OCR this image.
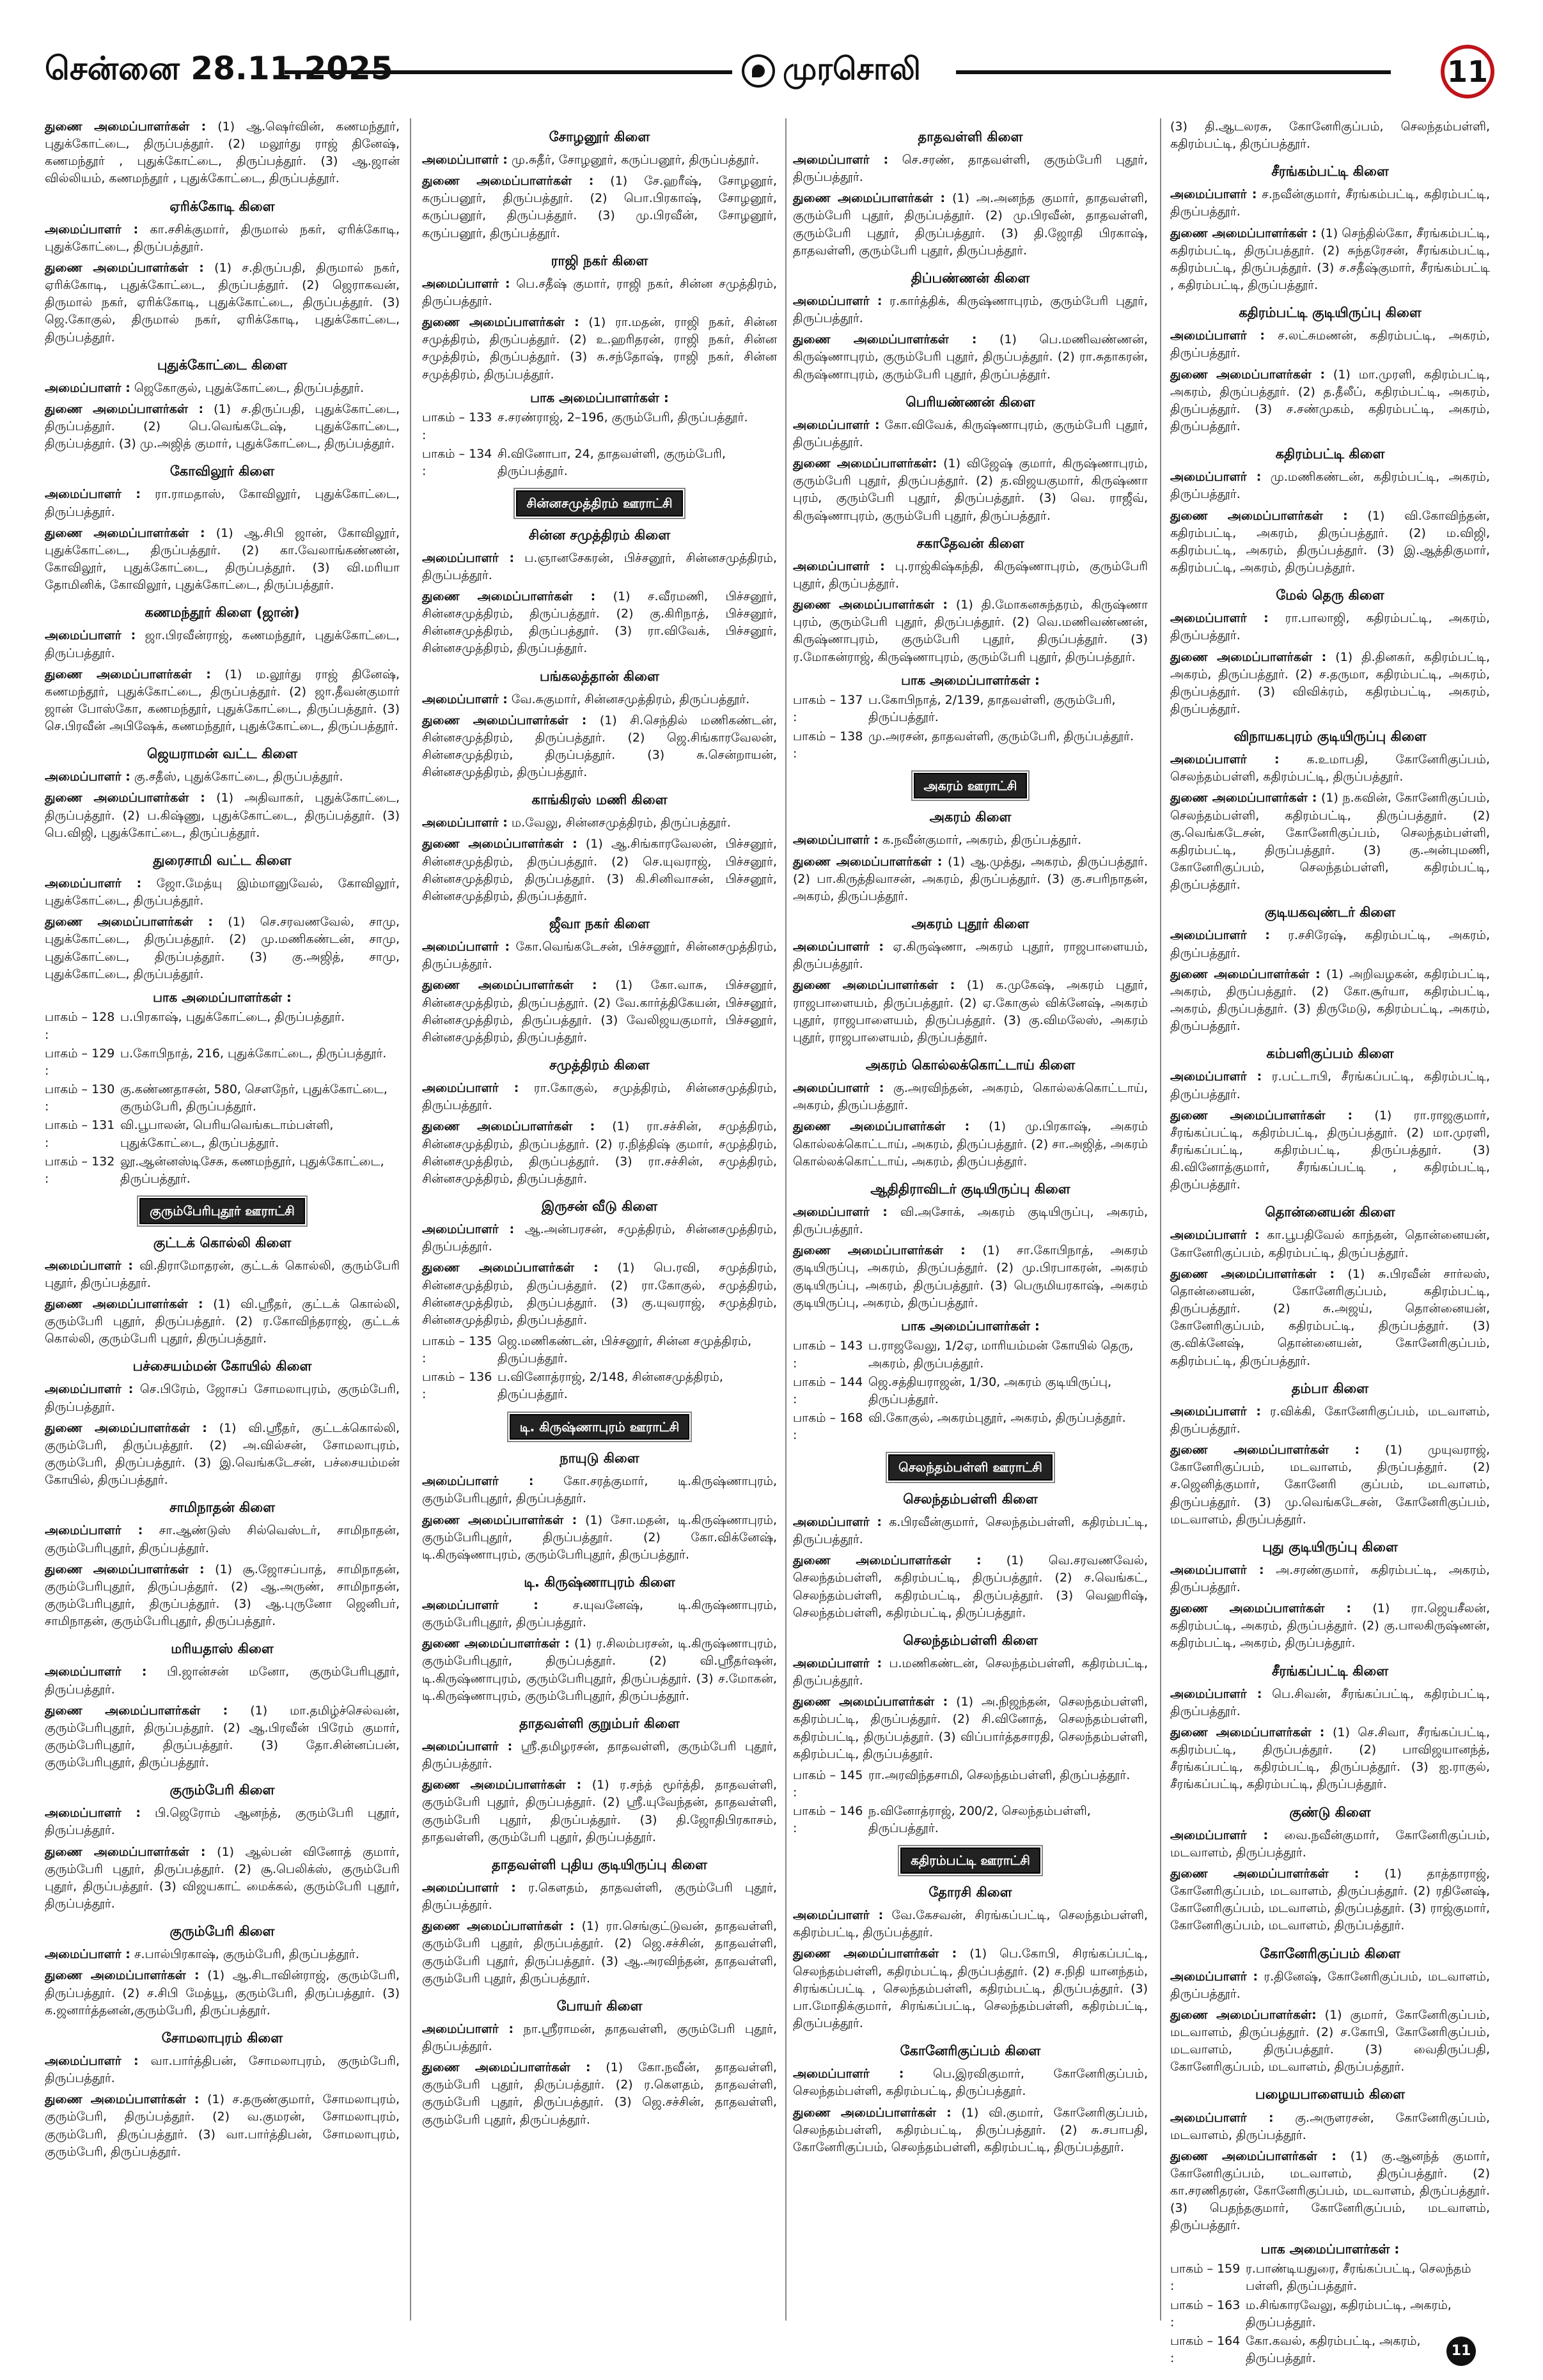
சென்னை 28.11.2025	முரசொலி	11

துணை அமைப்பாளர்கள் : (1) ஆ.ஷெர்வின், கணமந்தூர், புதுக்கோட்டை, திருப்பத்தூர். (2) மலூர்து ராஜ் தினேஷ், கணமந்தூர் , புதுக்கோட்டை, திருப்பத்தூர். (3) ஆ.ஜான் வில்லியம், கணமந்தூர் , புதுக்கோட்டை, திருப்பத்தூர்.

ஏரிக்கோடி கிளை

அமைப்பாளர் : கா.சசிக்குமார், திருமால் நகர், ஏரிக்கோடி, புதுக்கோட்டை, திருப்பத்தூர்.

துணை அமைப்பாளர்கள் : (1) ச.திருப்பதி, திருமால் நகர், ஏரிக்கோடி, புதுக்கோட்டை, திருப்பத்தூர். (2) ஜெராகவன், திருமால் நகர், ஏரிக்கோடி, புதுக்கோட்டை, திருப்பத்தூர். (3) ஜெ.கோகுல், திருமால் நகர், ஏரிக்கோடி, புதுக்கோட்டை, திருப்பத்தூர்.

புதுக்கோட்டை கிளை

அமைப்பாளர் : ஜெகோகுல், புதுக்கோட்டை, திருப்பத்தூர்.

துணை அமைப்பாளர்கள் : (1) ச.திருப்பதி, புதுக்கோட்டை, திருப்பத்தூர். (2) பெ.வெங்கடேஷ், புதுக்கோட்டை, திருப்பத்தூர். (3) மு.அஜித் குமார், புதுக்கோட்டை, திருப்பத்தூர்.

கோவிலூர் கிளை

அமைப்பாளர் : ரா.ராமதாஸ், கோவிலூர், புதுக்கோட்டை, திருப்பத்தூர்.

துணை அமைப்பாளர்கள் : (1) ஆ.சிபி ஜான், கோவிலூர், புதுக்கோட்டை, திருப்பத்தூர். (2) கா.வேலாங்கண்ணன், கோவிலூர், புதுக்கோட்டை, திருப்பத்தூர். (3) வி.மரியா தோமினிக், கோவிலூர், புதுக்கோட்டை, திருப்பத்தூர்.

கணமந்தூர் கிளை (ஜான்)

அமைப்பாளர் : ஜா.பிரவீன்ராஜ், கணமந்தூர், புதுக்கோட்டை, திருப்பத்தூர்.

துணை அமைப்பாளர்கள் : (1) ம.லூர்து ராஜ் தினேஷ், கணமந்தூர், புதுக்கோட்டை, திருப்பத்தூர். (2) ஜா.தீவன்குமார் ஜான் போஸ்கோ, கணமந்தூர், புதுக்கோட்டை, திருப்பத்தூர். (3) செ.பிரவீன் அபிஷேக், கணமந்தூர், புதுக்கோட்டை, திருப்பத்தூர்.

ஜெயராமன் வட்ட கிளை

அமைப்பாளர் : கு.சதீஸ், புதுக்கோட்டை, திருப்பத்தூர்.

துணை அமைப்பாளர்கள் : (1) அதிவாகர், புதுக்கோட்டை, திருப்பத்தூர். (2) ப.கிஷ்ணு, புதுக்கோட்டை, திருப்பத்தூர். (3) பெ.விஜி, புதுக்கோட்டை, திருப்பத்தூர்.

துரைசாமி வட்ட கிளை

அமைப்பாளர் : ஜோ.மேத்யு இம்மானுவேல், கோவிலூர், புதுக்கோட்டை, திருப்பத்தூர்.

துணை அமைப்பாளர்கள் : (1) செ.சரவணவேல், சாமு, புதுக்கோட்டை, திருப்பத்தூர். (2) மு.மணிகண்டன், சாமு, புதுக்கோட்டை, திருப்பத்தூர். (3) கு.அஜித், சாமு, புதுக்கோட்டை, திருப்பத்தூர்.

பாக அமைப்பாளர்கள் :
பாகம் – 128 :
ப.பிரகாஷ், புதுக்கோட்டை, திருப்பத்தூர்.
பாகம் – 129 :
ப.கோபிநாத், 216, புதுக்கோட்டை, திருப்பத்தூர்.
பாகம் – 130 :
கு.கண்ணதாசன், 580, செளநேர், புதுக்கோட்டை, குரும்பேரி, திருப்பத்தூர்.
பாகம் – 131 :
வி.பூபாலன், பெரியவெங்கடாம்பள்ளி, புதுக்கோட்டை, திருப்பத்தூர்.
பாகம் – 132 :
லூ.ஆன்னஸ்டிசேசு, கணமந்தூர், புதுக்கோட்டை, திருப்பத்தூர்.
குரும்பேரிபுதூர் ஊராட்சி
குட்டக் கொல்லி கிளை

அமைப்பாளர் : வி.திராமோதரன், குட்டக் கொல்லி, குரும்பேரி புதூர், திருப்பத்தூர்.

துணை அமைப்பாளர்கள் : (1) வி.ஸ்ரீதர், குட்டக் கொல்லி, குரும்பேரி புதூர், திருப்பத்தூர். (2) ர.கோவிந்தராஜ், குட்டக் கொல்லி, குரும்பேரி புதூர், திருப்பத்தூர்.

பச்சையம்மன் கோயில் கிளை

அமைப்பாளர் : செ.பிரேம், ஜோசப் சோமலாபுரம், குரும்பேரி, திருப்பத்தூர்.

துணை அமைப்பாளர்கள் : (1) வி.ஸ்ரீதர், குட்டக்கொல்லி, குரும்பேரி, திருப்பத்தூர். (2) அ.வில்சன், சோமலாபுரம், குரும்பேரி, திருப்பத்தூர். (3) இ.வெங்கடேசன், பச்சையம்மன் கோயில், திருப்பத்தூர்.

சாமிநாதன் கிளை

அமைப்பாளர் : சா.ஆண்டுஸ் சில்வெஸ்டர், சாமிநாதன், குரும்பேரிபுதூர், திருப்பத்தூர்.

துணை அமைப்பாளர்கள் : (1) சூ.ஜோசப்பாத், சாமிநாதன், குரும்பேரிபுதூர், திருப்பத்தூர். (2) ஆ.அருண், சாமிநாதன், குரும்பேரிபுதூர், திருப்பத்தூர். (3) ஆ.புருனோ ஜெனிபர், சாமிநாதன், குரும்பேரிபுதூர், திருப்பத்தூர்.

மரியதாஸ் கிளை

அமைப்பாளர் : பி.ஜான்சன் மனோ, குரும்பேரிபுதூர், திருப்பத்தூர்.

துணை அமைப்பாளர்கள் : (1) மா.தமிழ்ச்செல்வன், குரும்பேரிபுதூர், திருப்பத்தூர். (2) ஆ.பிரவீன் பிரேம் குமார், குரும்பேரிபுதூர், திருப்பத்தூர். (3) தோ.சின்னப்பன், குரும்பேரிபுதூர், திருப்பத்தூர்.

குரும்பேரி கிளை

அமைப்பாளர் : பி.ஜெரோம் ஆனந்த், குரும்பேரி புதூர், திருப்பத்தூர்.

துணை அமைப்பாளர்கள் : (1) ஆல்பன் வினோத் குமார், குரும்பேரி புதூர், திருப்பத்தூர். (2) சூ.பெலிக்ஸ், குரும்பேரி புதூர், திருப்பத்தூர். (3) விஜயகாட் மைக்கல், குரும்பேரி புதூர், திருப்பத்தூர்.

குரும்பேரி கிளை

அமைப்பாளர் : ச.பால்பிரகாஷ், குரும்பேரி, திருப்பத்தூர்.

துணை அமைப்பாளர்கள் : (1) ஆ.சிடாவின்ராஜ், குரும்பேரி, திருப்பத்தூர். (2) ச.சிபி மேத்யூ, குரும்பேரி, திருப்பத்தூர். (3) க.ஜனார்த்தனன்,குரும்பேரி, திருப்பத்தூர்.

சோமலாபுரம் கிளை

அமைப்பாளர் : வா.பார்த்திபன், சோமலாபுரம், குரும்பேரி, திருப்பத்தூர்.

துணை அமைப்பாளர்கள் : (1) ச.தருண்குமார், சோமலாபுரம், குரும்பேரி, திருப்பத்தூர். (2) வ.குமரன், சோமலாபுரம், குரும்பேரி, திருப்பத்தூர். (3) வா.பார்த்திபன், சோமலாபுரம், குரும்பேரி, திருப்பத்தூர்.

சோழனூர் கிளை

அமைப்பாளர் : மு.சுதீர், சோழனூர், கருப்பனூர், திருப்பத்தூர்.

துணை அமைப்பாளர்கள் : (1) சே.ஹரீஷ், சோழனூர், கருப்பனூர், திருப்பத்தூர். (2) பொ.பிரகாஷ், சோழனூர், கருப்பனூர், திருப்பத்தூர். (3) மு.பிரவீன், சோழனூர், கருப்பனூர், திருப்பத்தூர்.

ராஜி நகர் கிளை

அமைப்பாளர் : பெ.சதீஷ் குமார், ராஜி நகர், சின்ன சமுத்திரம், திருப்பத்தூர்.

துணை அமைப்பாளர்கள் : (1) ரா.மதன், ராஜி நகர், சின்ன சமுத்திரம், திருப்பத்தூர். (2) உ.ஹரிதரன், ராஜி நகர், சின்ன சமுத்திரம், திருப்பத்தூர். (3) சு.சந்தோஷ், ராஜி நகர், சின்ன சமுத்திரம், திருப்பத்தூர்.

பாக அமைப்பாளர்கள் :
பாகம் – 133 :
ச.சரண்ராஜ், 2–196, குரும்பேரி, திருப்பத்தூர்.
பாகம் – 134 :
சி.வினோபா, 24, தாதவள்ளி, குரும்பேரி, திருப்பத்தூர்.
சின்னசமுத்திரம் ஊராட்சி
சின்ன சமுத்திரம் கிளை

அமைப்பாளர் : ப.ஞானசேகரன், பிச்சனூர், சின்னசமுத்திரம், திருப்பத்தூர்.

துணை அமைப்பாளர்கள் : (1) ச.வீரமணி, பிச்சனூர், சின்னசமுத்திரம், திருப்பத்தூர். (2) கு.கிரிநாத், பிச்சனூர், சின்னசமுத்திரம், திருப்பத்தூர். (3) ரா.விவேக், பிச்சனூர், சின்னசமுத்திரம், திருப்பத்தூர்.

பங்கலத்தான் கிளை

அமைப்பாளர் : வே.சுகுமார், சின்னசமுத்திரம், திருப்பத்தூர்.

துணை அமைப்பாளர்கள் : (1) சி.செந்தில் மணிகண்டன், சின்னசமுத்திரம், திருப்பத்தூர். (2) ஜெ.சிங்காரவேலன், சின்னசமுத்திரம், திருப்பத்தூர். (3) சு.சென்றாயன், சின்னசமுத்திரம், திருப்பத்தூர்.

காங்கிரஸ் மணி கிளை

அமைப்பாளர் : ம.வேலு, சின்னசமுத்திரம், திருப்பத்தூர்.

துணை அமைப்பாளர்கள் : (1) ஆ.சிங்காரவேலன், பிச்சனூர், சின்னசமுத்திரம், திருப்பத்தூர். (2) செ.யுவராஜ், பிச்சனூர், சின்னசமுத்திரம், திருப்பத்தூர். (3) கி.சினிவாசன், பிச்சனூர், சின்னசமுத்திரம், திருப்பத்தூர்.

ஜீவா நகர் கிளை

அமைப்பாளர் : கோ.வெங்கடேசன், பிச்சனூர், சின்னசமுத்திரம், திருப்பத்தூர்.

துணை அமைப்பாளர்கள் : (1) கோ.வாசு, பிச்சனூர், சின்னசமுத்திரம், திருப்பத்தூர். (2) வே.கார்த்திகேயன், பிச்சனூர், சின்னசமுத்திரம், திருப்பத்தூர். (3) வேலிஜயகுமார், பிச்சனூர், சின்னசமுத்திரம், திருப்பத்தூர்.

சமுத்திரம் கிளை

அமைப்பாளர் : ரா.கோகுல், சமுத்திரம், சின்னசமுத்திரம், திருப்பத்தூர்.

துணை அமைப்பாளர்கள் : (1) ரா.சச்சின், சமுத்திரம், சின்னசமுத்திரம், திருப்பத்தூர். (2) ர.நித்திஷ் குமார், சமுத்திரம், சின்னசமுத்திரம், திருப்பத்தூர். (3) ரா.சச்சின், சமுத்திரம், சின்னசமுத்திரம், திருப்பத்தூர்.

இருசன் வீடு கிளை

அமைப்பாளர் : ஆ.அன்பரசன், சமுத்திரம், சின்னசமுத்திரம், திருப்பத்தூர்.

துணை அமைப்பாளர்கள் : (1) பெ.ரவி, சமுத்திரம், சின்னசமுத்திரம், திருப்பத்தூர். (2) ரா.கோகுல், சமுத்திரம், சின்னசமுத்திரம், திருப்பத்தூர். (3) கு.யுவராஜ், சமுத்திரம், சின்னசமுத்திரம், திருப்பத்தூர்.

பாகம் – 135 :
ஜெ.மணிகண்டன், பிச்சனூர், சின்ன சமுத்திரம், திருப்பத்தூர்.
பாகம் – 136 :
ப.வினோத்ராஜ், 2/148, சின்னசமுத்திரம், திருப்பத்தூர்.
டி. கிருஷ்ணாபுரம் ஊராட்சி
நாயுடு கிளை

அமைப்பாளர் : கோ.சரத்குமார், டி.கிருஷ்ணாபுரம், குரும்பேரிபுதூர், திருப்பத்தூர்.

துணை அமைப்பாளர்கள் : (1) சோ.மதன், டி.கிருஷ்ணாபுரம், குரும்பேரிபுதூர், திருப்பத்தூர். (2) கோ.விக்னேஷ், டி.கிருஷ்ணாபுரம், குரும்பேரிபுதூர், திருப்பத்தூர்.

டி. கிருஷ்ணாபுரம் கிளை

அமைப்பாளர் :	ச.யுவனேஷ், டி.கிருஷ்ணாபுரம், குரும்பேரிபுதூர், திருப்பத்தூர்.

துணை அமைப்பாளர்கள் : (1) ர.சிலம்பரசன், டி.கிருஷ்ணாபுரம், குரும்பேரிபுதூர், திருப்பத்தூர். (2) வி.ஸ்ரீதர்ஷன், டி.கிருஷ்ணாபுரம், குரும்பேரிபுதூர், திருப்பத்தூர். (3) ச.மோகன், டி.கிருஷ்ணாபுரம், குரும்பேரிபுதூர், திருப்பத்தூர்.

தாதவள்ளி குறும்பர் கிளை

அமைப்பாளர் : ஸ்ரீ.தமிழரசன், தாதவள்ளி, குரும்பேரி புதூர், திருப்பத்தூர்.

துணை அமைப்பாளர்கள் : (1) ர.சந்த் மூர்த்தி, தாதவள்ளி, குரும்பேரி புதூர், திருப்பத்தூர். (2) ஸ்ரீ.யுவேந்தன், தாதவள்ளி, குரும்பேரி புதூர், திருப்பத்தூர். (3) தி.ஜோதிபிரகாசம், தாதவள்ளி, குரும்பேரி புதூர், திருப்பத்தூர்.

தாதவள்ளி புதிய குடியிருப்பு கிளை

அமைப்பாளர் : ர.கௌதம், தாதவள்ளி, குரும்பேரி புதூர், திருப்பத்தூர்.

துணை அமைப்பாளர்கள் : (1) ரா.செங்குட்டுவன், தாதவள்ளி, குரும்பேரி புதூர், திருப்பத்தூர். (2) ஜெ.சச்சின், தாதவள்ளி, குரும்பேரி புதூர், திருப்பத்தூர். (3) ஆ.அரவிந்தன், தாதவள்ளி, குரும்பேரி புதூர், திருப்பத்தூர்.

போயர் கிளை

அமைப்பாளர் : நா.ஸ்ரீராமன், தாதவள்ளி, குரும்பேரி புதூர், திருப்பத்தூர்.

துணை அமைப்பாளர்கள் : (1) கோ.நவீன், தாதவள்ளி, குரும்பேரி புதூர், திருப்பத்தூர். (2) ர.கௌதம், தாதவள்ளி, குரும்பேரி புதூர், திருப்பத்தூர். (3) ஜெ.சச்சின், தாதவள்ளி, குரும்பேரி புதூர், திருப்பத்தூர்.

தாதவள்ளி கிளை

அமைப்பாளர் : செ.சரண், தாதவள்ளி, குரும்பேரி புதூர், திருப்பத்தூர்.

துணை அமைப்பாளர்கள் : (1) அ.அனந்த குமார், தாதவள்ளி, குரும்பேரி புதூர், திருப்பத்தூர். (2) மு.பிரவீன், தாதவள்ளி, குரும்பேரி புதூர், திருப்பத்தூர். (3) தி.ஜோதி பிரகாஷ், தாதவள்ளி, குரும்பேரி புதூர், திருப்பத்தூர்.

திப்பண்ணன் கிளை

அமைப்பாளர் : ர.கார்த்திக், கிருஷ்ணாபுரம், குரும்பேரி புதூர், திருப்பத்தூர்.

துணை அமைப்பாளர்கள் : (1) பெ.மணிவண்ணன், கிருஷ்ணாபுரம், குரும்பேரி புதூர், திருப்பத்தூர். (2) ரா.சுதாகரன், கிருஷ்ணாபுரம், குரும்பேரி புதூர், திருப்பத்தூர்.

பெரியண்ணன் கிளை

அமைப்பாளர் : கோ.விவேக், கிருஷ்ணாபுரம், குரும்பேரி புதூர், திருப்பத்தூர்.

துணை அமைப்பாளர்கள்: (1) விஜேஷ் குமார், கிருஷ்ணாபுரம், குரும்பேரி புதூர், திருப்பத்தூர். (2) த.விஜயகுமார், கிருஷ்ணா புரம், குரும்பேரி புதூர், திருப்பத்தூர். (3) வெ. ராஜீவ், கிருஷ்ணாபுரம், குரும்பேரி புதூர், திருப்பத்தூர்.

சகாதேவன் கிளை

அமைப்பாளர் : பு.ராஜ்கிஷ்கந்தி, கிருஷ்ணாபுரம், குரும்பேரி புதூர், திருப்பத்தூர்.

துணை அமைப்பாளர்கள் : (1) தி.மோகனசுந்தரம், கிருஷ்ணா புரம், குரும்பேரி புதூர், திருப்பத்தூர். (2) வெ.மணிவண்ணன், கிருஷ்ணாபுரம், குரும்பேரி புதூர், திருப்பத்தூர். (3) ர.மோகன்ராஜ், கிருஷ்ணாபுரம், குரும்பேரி புதூர், திருப்பத்தூர்.

பாக அமைப்பாளர்கள் :
பாகம் – 137 :
ப.கோபிநாத், 2/139, தாதவள்ளி, குரும்பேரி, திருப்பத்தூர்.
பாகம் – 138 :
மு.அரசன், தாதவள்ளி, குரும்பேரி, திருப்பத்தூர்.
அகரம் ஊராட்சி
அகரம் கிளை

அமைப்பாளர் : க.நவீன்குமார், அகரம், திருப்பத்தூர்.

துணை அமைப்பாளர்கள் : (1) ஆ.முத்து, அகரம், திருப்பத்தூர். (2) பா.கிருத்திவாசன், அகரம், திருப்பத்தூர். (3) கு.சபரிநாதன், அகரம், திருப்பத்தூர்.

அகரம் புதூர் கிளை

அமைப்பாளர் : ஏ.கிருஷ்ணா, அகரம் புதூர், ராஜபாளையம், திருப்பத்தூர்.

துணை அமைப்பாளர்கள் : (1) க.முகேஷ், அகரம் புதூர், ராஜபாளையம், திருப்பத்தூர். (2) ஏ.கோகுல் விக்னேஷ், அகரம் புதூர், ராஜபாளையம், திருப்பத்தூர். (3) கு.விமலேஸ், அகரம் புதூர், ராஜபாளையம், திருப்பத்தூர்.

அகரம் கொல்லக்கொட்டாய் கிளை

அமைப்பாளர் : கு.அரவிந்தன், அகரம், கொல்லக்கொட்டாய், அகரம், திருப்பத்தூர்.

துணை அமைப்பாளர்கள் : (1) மு.பிரகாஷ், அகரம் கொல்லக்கொட்டாய், அகரம், திருப்பத்தூர். (2) சா.அஜித், அகரம் கொல்லக்கொட்டாய், அகரம், திருப்பத்தூர்.

ஆதிதிராவிடர் குடியிருப்பு கிளை

அமைப்பாளர் : வி.அசோக், அகரம் குடியிருப்பு, அகரம், திருப்பத்தூர்.

துணை அமைப்பாளர்கள் : (1) சா.கோபிநாத், அகரம் குடியிருப்பு, அகரம், திருப்பத்தூர். (2) மு.பிரபாகரன், அகரம் குடியிருப்பு, அகரம், திருப்பத்தூர். (3) பெருமியரகாஷ், அகரம் குடியிருப்பு, அகரம், திருப்பத்தூர்.

பாக அமைப்பாளர்கள் :
பாகம் – 143 :
ப.ராஜவேலு, 1/2ஏ, மாரியம்மன் கோயில் தெரு, அகரம், திருப்பத்தூர்.
பாகம் – 144 :
ஜெ.சத்தியராஜன், 1/30, அகரம் குடியிருப்பு, திருப்பத்தூர்.
பாகம் – 168 :
வி.கோகுல், அகரம்புதூர், அகரம், திருப்பத்தூர்.
செலந்தம்பள்ளி ஊராட்சி
செலந்தம்பள்ளி கிளை

அமைப்பாளர் : க.பிரவீன்குமார், செலந்தம்பள்ளி, கதிரம்பட்டி, திருப்பத்தூர்.

துணை அமைப்பாளர்கள் : (1) வெ.சரவணவேல், செலந்தம்பள்ளி, கதிரம்பட்டி, திருப்பத்தூர். (2) ச.வெங்கட், செலந்தம்பள்ளி, கதிரம்பட்டி, திருப்பத்தூர். (3) வெஹரிஷ், செலந்தம்பள்ளி, கதிரம்பட்டி, திருப்பத்தூர்.

செலந்தம்பள்ளி கிளை

அமைப்பாளர் : ப.மணிகண்டன், செலந்தம்பள்ளி, கதிரம்பட்டி, திருப்பத்தூர்.

துணை அமைப்பாளர்கள் : (1) அ.நிஜந்தன், செலந்தம்பள்ளி, கதிரம்பட்டி, திருப்பத்தூர். (2) சி.வினோத், செலந்தம்பள்ளி, கதிரம்பட்டி, திருப்பத்தூர். (3) விப்பார்த்தசாரதி, செலந்தம்பள்ளி, கதிரம்பட்டி, திருப்பத்தூர்.

பாகம் – 145 :
ரா.அரவிந்தசாமி, செலந்தம்பள்ளி, திருப்பத்தூர்.
பாகம் – 146 :
ந.வினோத்ராஜ், 200/2, செலந்தம்பள்ளி, திருப்பத்தூர்.
கதிரம்பட்டி ஊராட்சி
தோரசி கிளை

அமைப்பாளர் : வே.கேசவன், சிரங்கப்பட்டி, செலந்தம்பள்ளி, கதிரம்பட்டி, திருப்பத்தூர்.

துணை அமைப்பாளர்கள் : (1) பெ.கோபி, சிரங்கப்பட்டி, செலந்தம்பள்ளி, கதிரம்பட்டி, திருப்பத்தூர். (2) ச.நிதி யானந்தம், சிரங்கப்பட்டி , செலந்தம்பள்ளி, கதிரம்பட்டி, திருப்பத்தூர். (3) பா.மோதிக்குமார், சிரங்கப்பட்டி, செலந்தம்பள்ளி, கதிரம்பட்டி, திருப்பத்தூர்.

கோனேரிகுப்பம் கிளை

அமைப்பாளர் : பெ.இரவிகுமார், கோனேரிகுப்பம், செலந்தம்பள்ளி, கதிரம்பட்டி, திருப்பத்தூர்.

துணை அமைப்பாளர்கள் : (1) வி.குமார், கோனேரிகுப்பம், செலந்தம்பள்ளி, கதிரம்பட்டி, திருப்பத்தூர். (2) சு.சபாபதி, கோனேரிகுப்பம், செலந்தம்பள்ளி, கதிரம்பட்டி, திருப்பத்தூர்.

(3) தி.ஆடலரசு, கோனேரிகுப்பம், செலந்தம்பள்ளி, கதிரம்பட்டி, திருப்பத்தூர்.

சீரங்கம்பட்டி கிளை

அமைப்பாளர் : ச.நவீன்குமார், சீரங்கம்பட்டி, கதிரம்பட்டி, திருப்பத்தூர்.

துணை அமைப்பாளர்கள் : (1) செந்தில்கோ, சீரங்கம்பட்டி, கதிரம்பட்டி, திருப்பத்தூர். (2) சுந்தரேசன், சீரங்கம்பட்டி, கதிரம்பட்டி, திருப்பத்தூர். (3) ச.சதீஷ்குமார், சீரங்கம்பட்டி , கதிரம்பட்டி, திருப்பத்தூர்.

கதிரம்பட்டி குடியிருப்பு கிளை

அமைப்பாளர் : ச.லட்சுமணன், கதிரம்பட்டி, அகரம், திருப்பத்தூர்.

துணை அமைப்பாளர்கள் : (1) மா.முரளி, கதிரம்பட்டி, அகரம், திருப்பத்தூர். (2) த.தீலீப், கதிரம்பட்டி, அகரம், திருப்பத்தூர். (3) ச.சண்முகம், கதிரம்பட்டி, அகரம், திருப்பத்தூர்.

கதிரம்பட்டி கிளை

அமைப்பாளர் : மு.மணிகண்டன், கதிரம்பட்டி, அகரம், திருப்பத்தூர்.

துணை அமைப்பாளர்கள் : (1) வி.கோவிந்தன், கதிரம்பட்டி, அகரம், திருப்பத்தூர். (2) ம.விஜி, கதிரம்பட்டி, அகரம், திருப்பத்தூர். (3) இ.ஆத்திகுமார், கதிரம்பட்டி, அகரம், திருப்பத்தூர்.

மேல் தெரு கிளை

அமைப்பாளர் : ரா.பாலாஜி, கதிரம்பட்டி, அகரம், திருப்பத்தூர்.

துணை அமைப்பாளர்கள் : (1) தி.தினகர், கதிரம்பட்டி, அகரம், திருப்பத்தூர். (2) ச.தருமா, கதிரம்பட்டி, அகரம், திருப்பத்தூர். (3) விவிக்ரம், கதிரம்பட்டி, அகரம், திருப்பத்தூர்.

விநாயகபுரம் குடியிருப்பு கிளை

அமைப்பாளர் : க.உமாபதி, கோனேரிகுப்பம், செலந்தம்பள்ளி, கதிரம்பட்டி, திருப்பத்தூர்.

துணை அமைப்பாளர்கள் : (1) ந.கவின், கோனேரிகுப்பம், செலந்தம்பள்ளி, கதிரம்பட்டி, திருப்பத்தூர். (2) கு.வெங்கடேசன், கோனேரிகுப்பம், செலந்தம்பள்ளி, கதிரம்பட்டி, திருப்பத்தூர். (3) கு.அன்புமணி, கோனேரிகுப்பம், செலந்தம்பள்ளி, கதிரம்பட்டி, திருப்பத்தூர்.

குடியகவுண்டர் கிளை

அமைப்பாளர் : ர.சசிரேஷ், கதிரம்பட்டி, அகரம், திருப்பத்தூர்.

துணை அமைப்பாளர்கள் : (1) அறிவழகன், கதிரம்பட்டி, அகரம், திருப்பத்தூர். (2) கோ.சூர்யா, கதிரம்பட்டி, அகரம், திருப்பத்தூர். (3) திருமேடு, கதிரம்பட்டி, அகரம், திருப்பத்தூர்.

கம்பளிகுப்பம் கிளை

அமைப்பாளர் : ர.பட்டாபி, சீரங்கப்பட்டி, கதிரம்பட்டி, திருப்பத்தூர்.

துணை அமைப்பாளர்கள் : (1) ரா.ராஜகுமார், சீரங்கப்பட்டி, கதிரம்பட்டி, திருப்பத்தூர். (2) மா.முரளி, சீரங்கப்பட்டி, கதிரம்பட்டி, திருப்பத்தூர். (3) கி.வினோத்குமார், சீரங்கப்பட்டி , கதிரம்பட்டி, திருப்பத்தூர்.

தொன்னையன் கிளை

அமைப்பாளர் : கா.பூபதிவேல் காந்தன், தொன்னையன், கோனேரிகுப்பம், கதிரம்பட்டி, திருப்பத்தூர்.

துணை அமைப்பாளர்கள் : (1) சு.பிரவீன் சார்லஸ், தொன்னையன், கோனேரிகுப்பம், கதிரம்பட்டி, திருப்பத்தூர். (2) சு.அஜய், தொன்னையன், கோனேரிகுப்பம், கதிரம்பட்டி, திருப்பத்தூர். (3) கு.விக்னேஷ், தொன்னையன், கோனேரிகுப்பம், கதிரம்பட்டி, திருப்பத்தூர்.

தம்பா கிளை

அமைப்பாளர் : ர.விக்கி, கோனேரிகுப்பம், மடவாளம், திருப்பத்தூர்.

துணை அமைப்பாளர்கள் : (1) முயுவராஜ், கோனேரிகுப்பம், மடவாளம், திருப்பத்தூர். (2) ச.ஜெனித்குமார், கோனேரி குப்பம், மடவாளம், திருப்பத்தூர். (3) மு.வெங்கடேசன், கோனேரிகுப்பம், மடவாளம், திருப்பத்தூர்.

புது குடியிருப்பு கிளை

அமைப்பாளர் : அ.சரண்குமார், கதிரம்பட்டி, அகரம், திருப்பத்தூர்.

துணை அமைப்பாளர்கள் : (1) ரா.ஜெயசீலன், கதிரம்பட்டி, அகரம், திருப்பத்தூர். (2) கு.பாலகிருஷ்ணன், கதிரம்பட்டி, அகரம், திருப்பத்தூர்.

சீரங்கப்பட்டி கிளை

அமைப்பாளர் : பெ.சிவன், சீரங்கப்பட்டி, கதிரம்பட்டி, திருப்பத்தூர்.

துணை அமைப்பாளர்கள் : (1) செ.சிவா, சீரங்கப்பட்டி, கதிரம்பட்டி, திருப்பத்தூர். (2) பாவிஜயானந்த், சீரங்கப்பட்டி, கதிரம்பட்டி, திருப்பத்தூர். (3) ஐ.ராகுல், சீரங்கப்பட்டி, கதிரம்பட்டி, திருப்பத்தூர்.

குண்டு கிளை

அமைப்பாளர் : வை.நவீன்குமார், கோனேரிகுப்பம், மடவாளம், திருப்பத்தூர்.

துணை அமைப்பாளர்கள் : (1) தாத்தாராஜ், கோனேரிகுப்பம், மடவாளம், திருப்பத்தூர். (2) ரதினேஷ், கோனேரிகுப்பம், மடவாளம், திருப்பத்தூர். (3) ராஜ்குமார், கோனேரிகுப்பம், மடவாளம், திருப்பத்தூர்.

கோனேரிகுப்பம் கிளை

அமைப்பாளர் : ர.தினேஷ், கோனேரிகுப்பம், மடவாளம், திருப்பத்தூர்.

துணை அமைப்பாளர்கள்: (1) குமார், கோனேரிகுப்பம், மடவாளம், திருப்பத்தூர். (2) ச.கோபி, கோனேரிகுப்பம், மடவாளம், திருப்பத்தூர். (3) வைதிருப்பதி, கோனேரிகுப்பம், மடவாளம், திருப்பத்தூர்.

பழையபாளையம் கிளை

அமைப்பாளர் : கு.அருளரசன், கோனேரிகுப்பம், மடவாளம், திருப்பத்தூர்.

துணை அமைப்பாளர்கள் : (1) கு.ஆனந்த் குமார், கோனேரிகுப்பம், மடவாளம், திருப்பத்தூர். (2) கா.சரணிதரன், கோனேரிகுப்பம், மடவாளம், திருப்பத்தூர். (3) பெதந்தகுமார், கோனேரிகுப்பம், மடவாளம், திருப்பத்தூர்.

பாக அமைப்பாளர்கள் :
பாகம் – 159 :
ர.பாண்டியதுரை, சீரங்கப்பட்டி, செலந்தம் பள்ளி, திருப்பத்தூர்.
பாகம் – 163 :
ம.சிங்காரவேலு, கதிரம்பட்டி, அகரம், திருப்பத்தூர்.
பாகம் – 164 :
கோ.கவல், கதிரம்பட்டி, அகரம், திருப்பத்தூர்.	11
